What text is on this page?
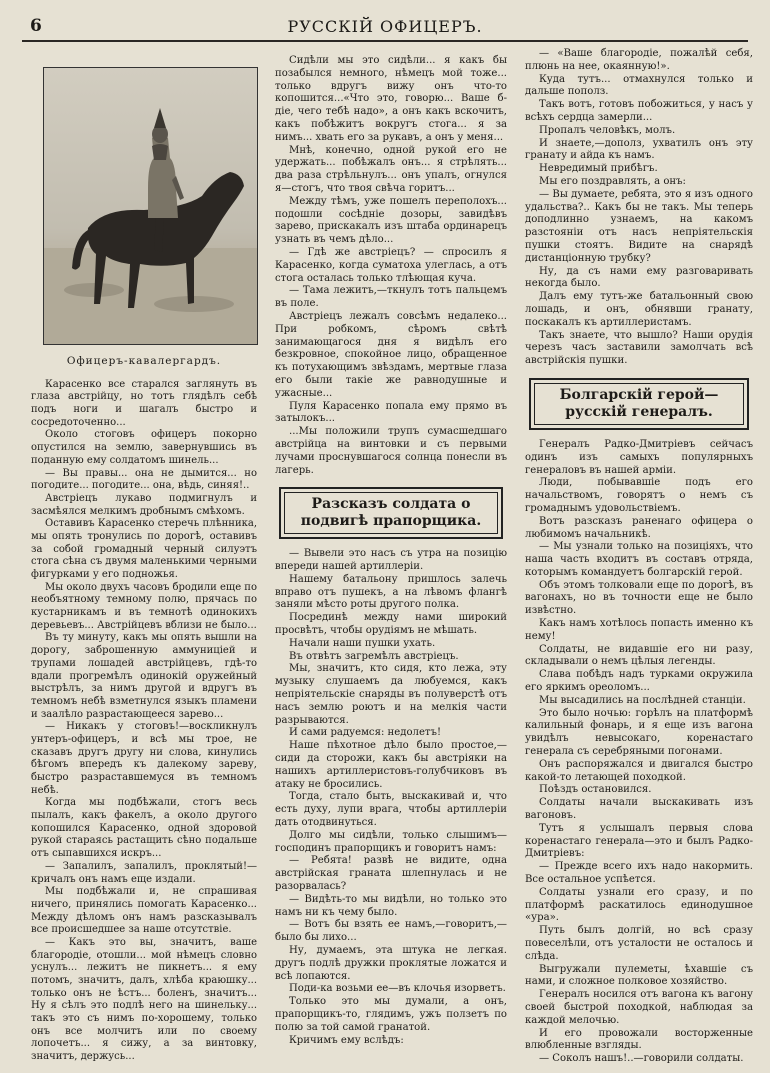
6	РУССКІЙ ОФИЦЕРЪ.
Офицеръ-кавалергардъ.

Карасенко все старался заглянуть въ глаза австрійцу, но тотъ глядѣлъ себѣ подъ ноги и шагалъ быстро и сосредоточенно...

Около стоговъ офицеръ покорно опустился на землю, завернувшись въ поданную ему солдатомъ шинель...

— Вы правы... она не дымится... но погодите... погодите... она, вѣдь, синяя!..

Австріецъ лукаво подмигнулъ и засмѣялся мелкимъ дробнымъ смѣхомъ.

Оставивъ Карасенко стеречь плѣнника, мы опять тронулись по дорогѣ, оставивъ за собой громадный черный силуэтъ стога сѣна съ двумя маленькими черными фигурками у его подножья.

Мы около двухъ часовъ бродили еще по необъятному темному полю, прячась по кустарникамъ и въ темнотѣ одинокихъ деревьевъ... Австрійцевъ вблизи не было...

Въ ту минуту, какъ мы опять вышли на дорогу, заброшенную аммуниціей и трупами лошадей австрійцевъ, гдѣ-то вдали прогремѣлъ одинокій оружейный выстрѣлъ, за нимъ другой и вдругъ въ темномъ небѣ взметнулся языкъ пламени и заалѣло разрастающееся зарево...

— Никакъ у стоговъ!—воскликнулъ унтеръ-офицеръ, и всѣ мы трое, не сказавъ другъ другу ни слова, кинулись бѣгомъ впередъ къ далекому зареву, быстро разраставшемуся въ темномъ небѣ.

Когда мы подбѣжали, стогъ весь пылалъ, какъ факелъ, а около другого копошился Карасенко, одной здоровой рукой стараясь растащить сѣно подальше отъ сыпавшихся искръ...

— Запалилъ, запалилъ, проклятый!— кричалъ онъ намъ еще издали.

Мы подбѣжали и, не спрашивая ничего, принялись помогать Карасенко... Между дѣломъ онъ намъ разсказывалъ все происшедшее за наше отсутствіе.

— Какъ это вы, значитъ, ваше благородіе, отошли... мой нѣмецъ словно уснулъ... лежитъ не пикнетъ... я ему потомъ, значитъ, далъ, хлѣба краюшку... только онъ не ѣстъ... боленъ, значитъ... Ну я сѣлъ это подлѣ него на шинельку... такъ это съ нимъ по-хорошему, только онъ все молчитъ или по своему лопочетъ... я сижу, а за винтовку, значитъ, держусь...

Сидѣли мы это сидѣли... я какъ бы позабылся немного, нѣмецъ мой тоже... только вдругъ вижу онъ что-то копошится...«Что это, говорю... Ваше б-діе, чего тебѣ надо», а онъ какъ вскочитъ, какъ побѣжитъ вокругъ стога... я за нимъ... хвать его за рукавъ, а онъ у меня...

Мнѣ, конечно, одной рукой его не удержать... побѣжалъ онъ... я стрѣлять... два раза стрѣльнулъ... онъ упалъ, огнулся я—стогъ, что твоя свѣча горитъ...

Между тѣмъ, уже пошелъ переполохъ... подошли сосѣдніе дозоры, завидѣвъ зарево, прискакалъ изъ штаба ординарецъ узнать въ чемъ дѣло...

— Гдѣ же австріецъ? — спросилъ я Карасенко, когда суматоха улеглась, а отъ стога осталась только тлѣющая куча.

— Тама лежитъ,—ткнулъ тотъ пальцемъ въ поле.

Австріецъ лежалъ совсѣмъ недалеко... При робкомъ, сѣромъ свѣтѣ занимающагося дня я видѣлъ его безкровное, спокойное лицо, обращенное къ потухающимъ звѣздамъ, мертвые глаза его были такіе же равнодушные и ужасные...

Пуля Карасенко попала ему прямо въ затылокъ...

...Мы положили трупъ сумасшедшаго австрійца на винтовки и съ первыми лучами проснувшагося солнца понесли въ лагерь.

Разсказъ солдата о подвигѣ прапорщика.

— Вывели это насъ съ утра на позицію впереди нашей артиллеріи.

Нашему батальону пришлось залечь вправо отъ пушекъ, а на лѣвомъ флангѣ заняли мѣсто роты другого полка.

Посрединѣ между нами широкий просвѣтъ, чтобы орудіямъ не мѣшать.

Начали наши пушки ухать.

Въ отвѣтъ загремѣлъ австріецъ.

Мы, значитъ, кто сидя, кто лежа, эту музыку слушаемъ да любуемся, какъ непріятельскіе снаряды въ полуверстѣ отъ насъ землю роютъ и на мелкія части разрываются.

И сами радуемся: недолетъ!

Наше пѣхотное дѣло было простое,— сиди да сторожи, какъ бы австріяки на нашихъ артиллеристовъ-голубчиковъ въ атаку не бросились.

Тогда, стало быть, выскакивай и, что есть духу, лупи врага, чтобы артиллеріи дать отодвинуться.

Долго мы сидѣли, только слышимъ— господинъ прапорщикъ и говоритъ намъ:

— Ребята! развѣ не видите, одна австрійская граната шлепнулась и не разорвалась?

— Видѣть-то мы видѣли, но только это намъ ни къ чему было.

— Вотъ бы взять ее намъ,—говоритъ,—было бы лихо...

Ну, думаемъ, эта штука не легкая. другъ подлѣ дружки проклятые ложатся и всѣ лопаются.

Поди-ка возьми ее—въ клочья изорветъ.

Только это мы думали, а онъ, прапорщикъ-то, глядимъ, ужъ ползетъ по полю за той самой гранатой.

Кричимъ ему вслѣдъ:

— «Ваше благородіе, пожалѣй себя, плюнь на нее, окаянную!».

Куда тутъ... отмахнулся только и дальше пополз.

Такъ вотъ, готовъ побожиться, у насъ у всѣхъ сердца замерли...

Пропалъ человѣкъ, молъ.

И знаете,—дополз, ухватилъ онъ эту гранату и айда къ намъ.

Невредимый прибѣгъ.

Мы его поздравлять, а онъ:

— Вы думаете, ребята, это я изъ одного удальства?.. Какъ бы не такъ. Мы теперь доподлинно узнаемъ, на какомъ разстояніи отъ насъ непріятельскія пушки стоятъ. Видите на снарядѣ дистанціонную трубку?

Ну, да съ нами ему разговаривать некогда было.

Далъ ему тутъ-же батальонный свою лошадь, и онъ, обнявши гранату, поскакалъ къ артиллеристамъ.

Такъ знаете, что вышло? Наши орудія черезъ часъ заставили замолчать всѣ австрійскія пушки.

Болгарскій герой—русскій генералъ.

Генералъ Радко-Дмитріевъ сейчасъ одинъ изъ самыхъ популярныхъ генераловъ въ нашей арміи.

Люди, побывавшіе подъ его начальствомъ, говорятъ о немъ съ громаднымъ удовольствіемъ.

Вотъ разсказъ раненаго офицера о любимомъ начальникѣ.

— Мы узнали только на позиціяхъ, что наша часть входитъ въ составъ отряда, которымъ командуетъ болгарскій герой.

Объ этомъ толковали еще по дорогѣ, въ вагонахъ, но въ точности еще не было извѣстно.

Какъ намъ хотѣлось попасть именно къ нему!

Солдаты, не видавшіе его ни разу, складывали о немъ цѣлыя легенды.

Слава побѣдъ надъ турками окружила его яркимъ ореоломъ...

Мы высадились на послѣдней станціи.

Это было ночью: горѣлъ на платформѣ калильный фонарь, и я еще изъ вагона увидѣлъ невысокаго, коренастаго генерала съ серебряными погонами.

Онъ распоряжался и двигался быстро какой-то летающей походкой.

Поѣздъ остановился.

Солдаты начали выскакивать изъ вагоновъ.

Тутъ я услышалъ первыя слова коренастаго генерала—это и былъ Радко-Дмитріевъ:

— Прежде всего ихъ надо накормить. Все остальное успѣется.

Солдаты узнали его сразу, и по платформѣ раскатилось единодушное «ура».

Путь былъ долгій, но всѣ сразу повеселѣли, отъ усталости не осталось и слѣда.

Выгружали пулеметы, ѣхавшіе съ нами, и сложное полковое хозяйство.

Генералъ носился отъ вагона къ вагону своей быстрой походкой, наблюдая за каждой мелочью.

И его провожали восторженные влюбленные взгляды.

— Соколъ нашъ!..—говорили солдаты.
